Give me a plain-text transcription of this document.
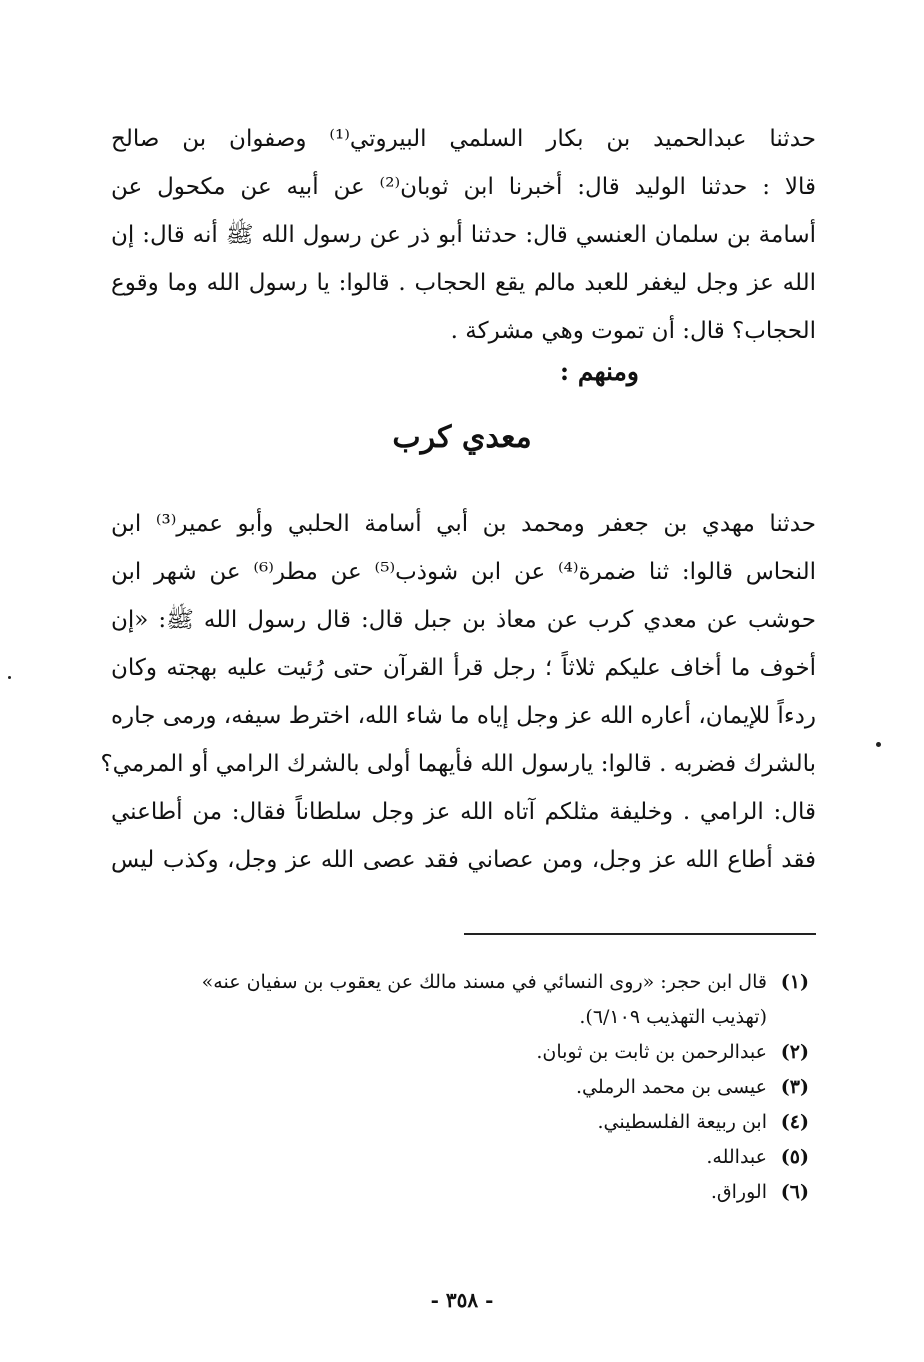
حدثنا عبدالحميد بن بكار السلمي البيروتي⁽¹⁾ وصفوان بن صالح
قالا : حدثنا الوليد قال: أخبرنا ابن ثوبان⁽²⁾ عن أبيه عن مكحول عن
أسامة بن سلمان العنسي قال: حدثنا أبو ذر عن رسول الله ﷺ أنه قال: إن
الله عز وجل ليغفر للعبد مالم يقع الحجاب . قالوا: يا رسول الله وما وقوع
الحجاب؟ قال: أن تموت وهي مشركة .
ومنهم :
معدي كرب
حدثنا مهدي بن جعفر ومحمد بن أبي أسامة الحلبي وأبو عمير⁽³⁾ ابن
النحاس قالوا: ثنا ضمرة⁽⁴⁾ عن ابن شوذب⁽⁵⁾ عن مطر⁽⁶⁾ عن شهر ابن
حوشب عن معدي كرب عن معاذ بن جبل قال: قال رسول الله ﷺ: «إن
أخوف ما أخاف عليكم ثلاثاً ؛ رجل قرأ القرآن حتى رُئيت عليه بهجته وكان
ردءاً للإيمان، أعاره الله عز وجل إياه ما شاء الله، اخترط سيفه، ورمى جاره
بالشرك فضربه . قالوا: يارسول الله فأيهما أولى بالشرك الرامي أو المرمي؟
قال: الرامي . وخليفة مثلكم آتاه الله عز وجل سلطاناً فقال: من أطاعني
فقد أطاع الله عز وجل، ومن عصاني فقد عصى الله عز وجل، وكذب ليس
(١)
قال ابن حجر: «روى النسائي في مسند مالك عن يعقوب بن سفيان عنه»
(تهذيب التهذيب ٦/١٠٩).
(٢)
عبدالرحمن بن ثابت بن ثوبان.
(٣)
عيسى بن محمد الرملي.
(٤)
ابن ربيعة الفلسطيني.
(٥)
عبدالله.
(٦)
الوراق.
- ٣٥٨ -
